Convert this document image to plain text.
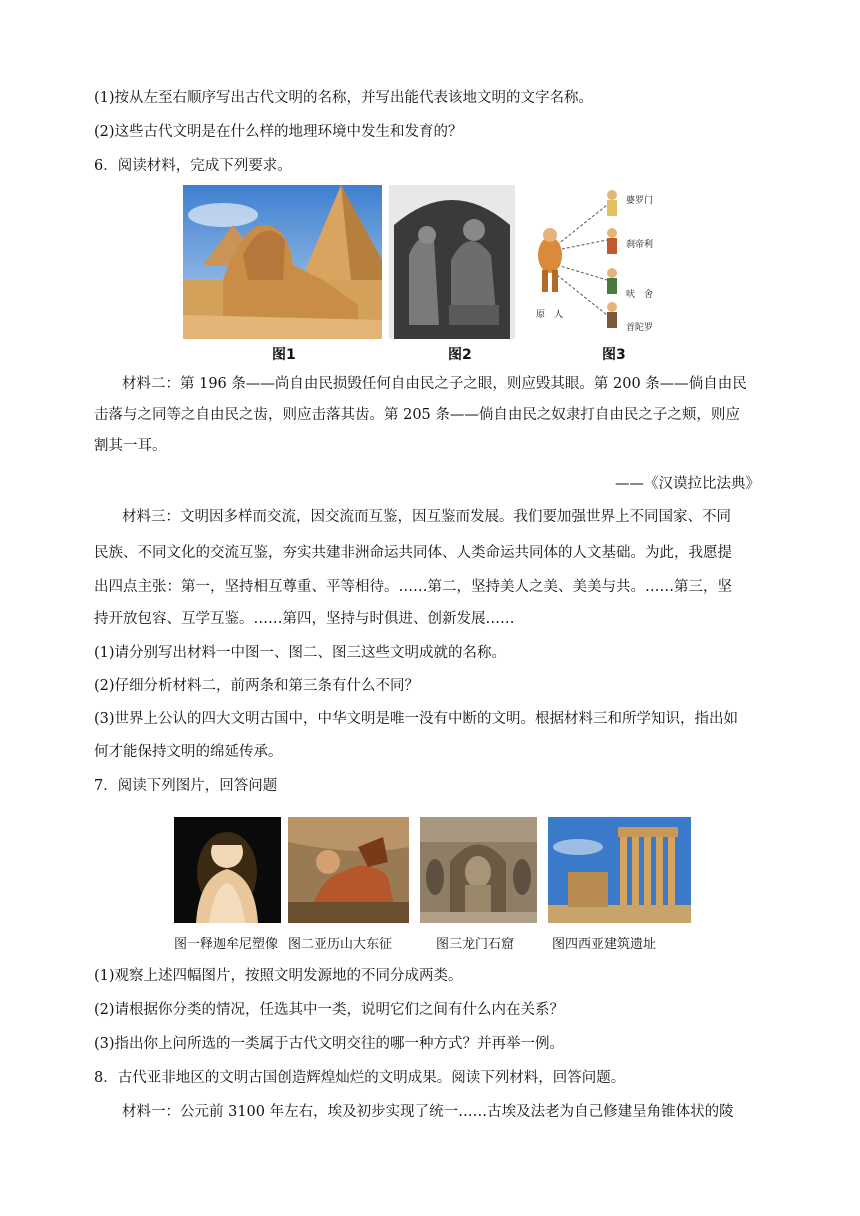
(1)按从左至右顺序写出古代文明的名称，并写出能代表该地文明的文字名称。
(2)这些古代文明是在什么样的地理环境中发生和发育的？
6．阅读材料，完成下列要求。
婆罗门
刹帝利
吠　舍
首陀罗
原　人
图1	图2	图3
材料二：第 196 条——尚自由民损毁任何自由民之子之眼，则应毁其眼。第 200 条——倘自由民
击落与之同等之自由民之齿，则应击落其齿。第 205 条——倘自由民之奴隶打自由民之子之颊，则应
割其一耳。
——《汉谟拉比法典》
材料三：文明因多样而交流，因交流而互鉴，因互鉴而发展。我们要加强世界上不同国家、不同
民族、不同文化的交流互鉴，夯实共建非洲命运共同体、人类命运共同体的人文基础。为此，我愿提
出四点主张：第一，坚持相互尊重、平等相待。……第二，坚持美人之美、美美与共。……第三，坚
持开放包容、互学互鉴。……第四，坚持与时俱进、创新发展……
(1)请分别写出材料一中图一、图二、图三这些文明成就的名称。
(2)仔细分析材料二，前两条和第三条有什么不同？
(3)世界上公认的四大文明古国中，中华文明是唯一没有中断的文明。根据材料三和所学知识，指出如
何才能保持文明的绵延传承。
7．阅读下列图片，回答问题
图一释迦牟尼塑像 图二亚历山大东征	图三龙门石窟	图四西亚建筑遗址
(1)观察上述四幅图片，按照文明发源地的不同分成两类。
(2)请根据你分类的情况，任选其中一类，说明它们之间有什么内在关系？
(3)指出你上问所选的一类属于古代文明交往的哪一种方式？并再举一例。
8．古代亚非地区的文明古国创造辉煌灿烂的文明成果。阅读下列材料，回答问题。
材料一：公元前 3100 年左右，埃及初步实现了统一……古埃及法老为自己修建呈角锥体状的陵
